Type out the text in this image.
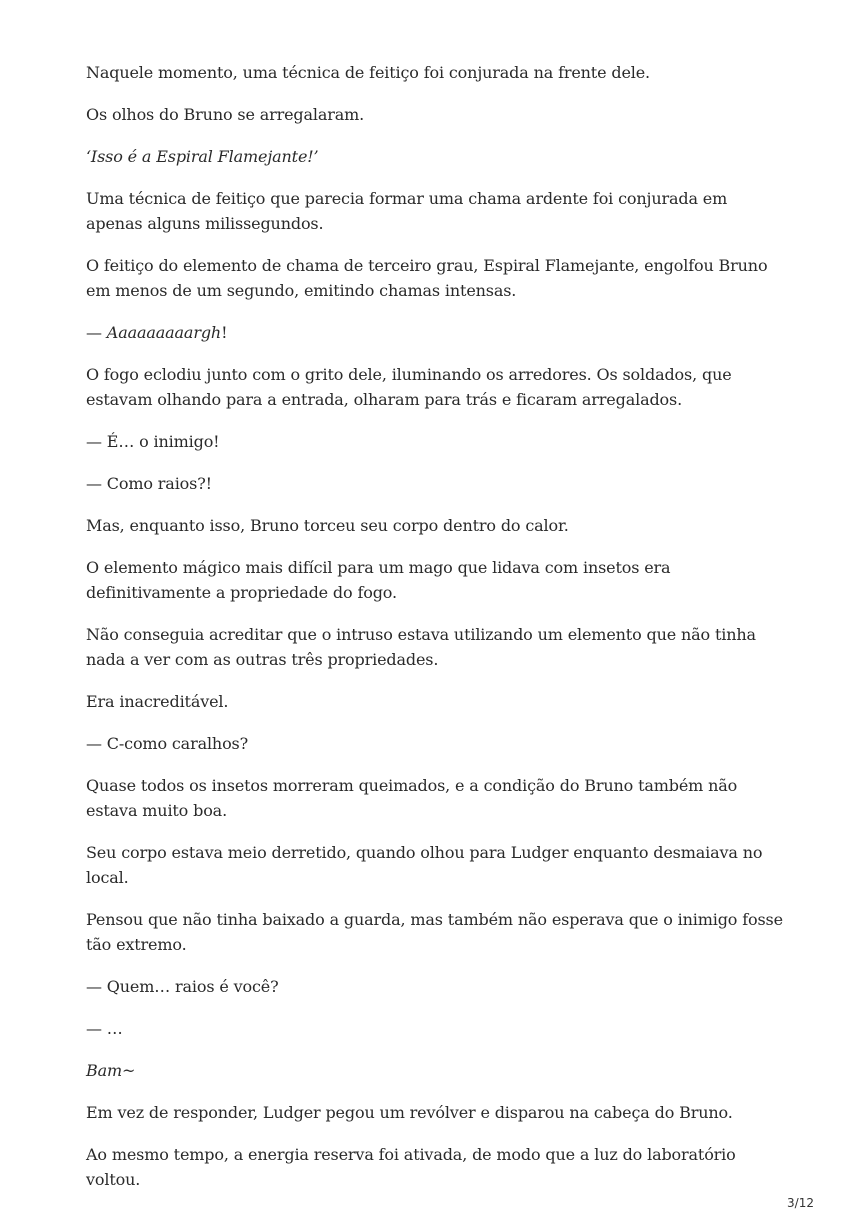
Naquele momento, uma técnica de feitiço foi conjurada na frente dele.

Os olhos do Bruno se arregalaram.

‘Isso é a Espiral Flamejante!’

Uma técnica de feitiço que parecia formar uma chama ardente foi conjurada em apenas alguns milissegundos.

O feitiço do elemento de chama de terceiro grau, Espiral Flamejante, engolfou Bruno em menos de um segundo, emitindo chamas intensas.

— Aaaaaaaaargh!

O fogo eclodiu junto com o grito dele, iluminando os arredores. Os soldados, que estavam olhando para a entrada, olharam para trás e ficaram arregalados.

— É… o inimigo!

— Como raios?!

Mas, enquanto isso, Bruno torceu seu corpo dentro do calor.

O elemento mágico mais difícil para um mago que lidava com insetos era definitivamente a propriedade do fogo.

Não conseguia acreditar que o intruso estava utilizando um elemento que não tinha nada a ver com as outras três propriedades.

Era inacreditável.

— C-como caralhos?

Quase todos os insetos morreram queimados, e a condição do Bruno também não estava muito boa.

Seu corpo estava meio derretido, quando olhou para Ludger enquanto desmaiava no local.

Pensou que não tinha baixado a guarda, mas também não esperava que o inimigo fosse tão extremo.

— Quem… raios é você?

— …

Bam~

Em vez de responder, Ludger pegou um revólver e disparou na cabeça do Bruno.

Ao mesmo tempo, a energia reserva foi ativada, de modo que a luz do laboratório voltou.

3/12
